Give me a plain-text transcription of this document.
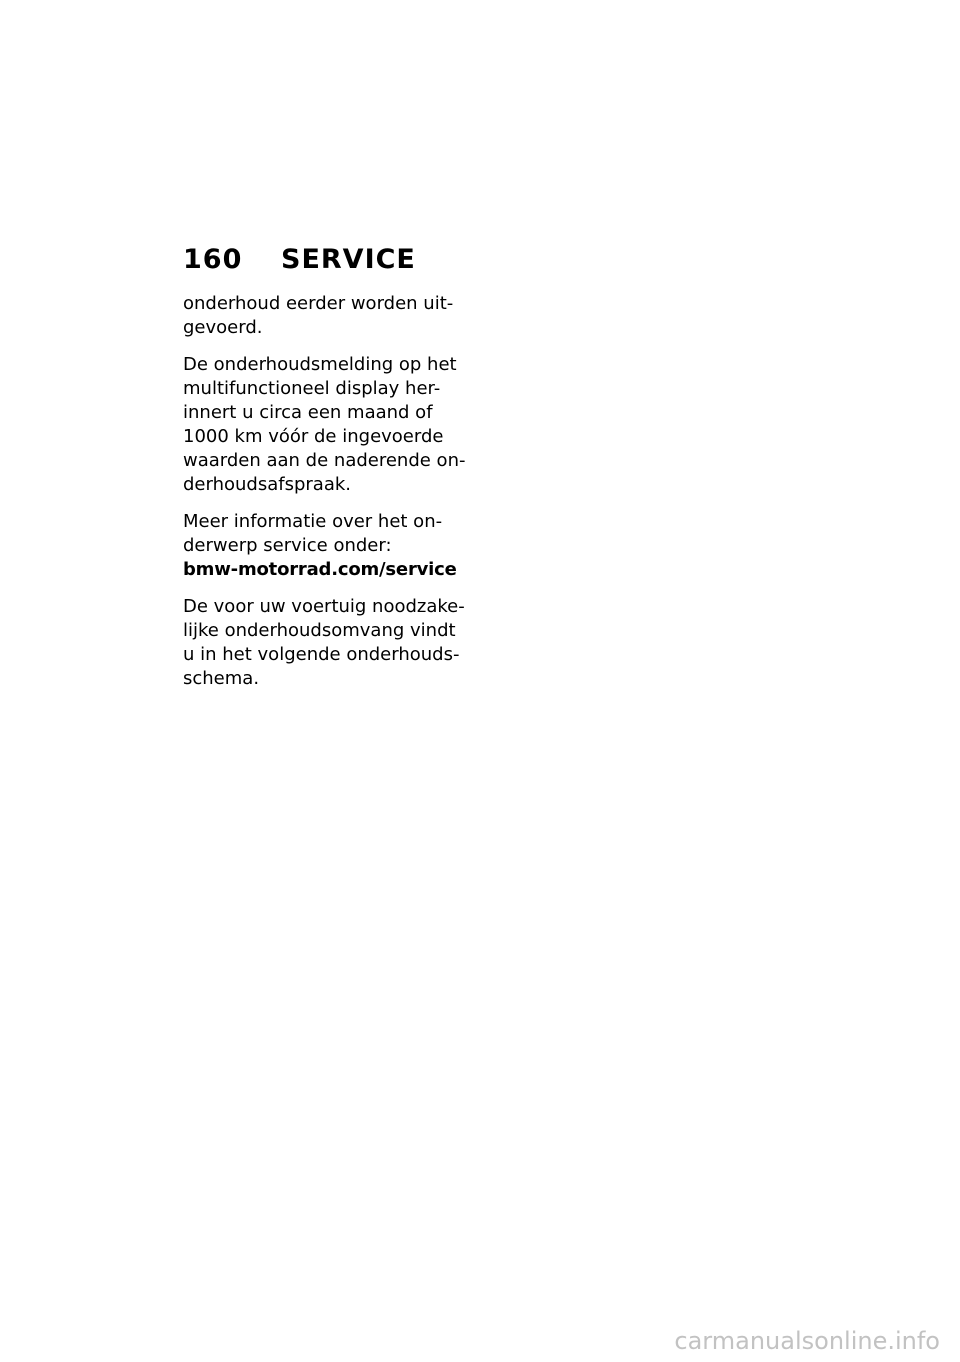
160 SERVICE

onderhoud eerder worden uit-
gevoerd.

De onderhoudsmelding op het
multifunctioneel display her-
innert u circa een maand of
1000 km vóór de ingevoerde
waarden aan de naderende on-
derhoudsafspraak.

Meer informatie over het on-
derwerp service onder:
bmw-motorrad.com/service

De voor uw voertuig noodzake-
lijke onderhoudsomvang vindt
u in het volgende onderhouds-
schema.

carmanualsonline.info
